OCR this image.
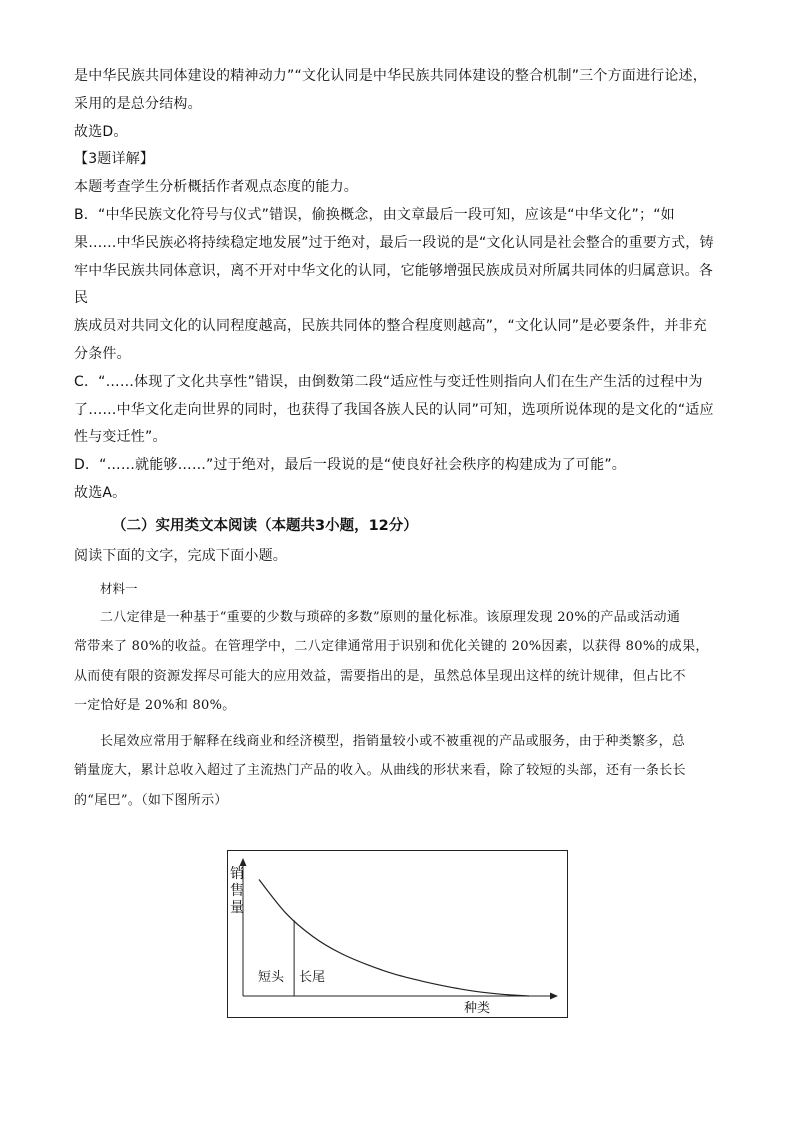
是中华民族共同体建设的精神动力”“文化认同是中华民族共同体建设的整合机制”三个方面进行论述，

采用的是总分结构。

故选D。

【3题详解】

本题考查学生分析概括作者观点态度的能力。

B．“中华民族文化符号与仪式”错误，偷换概念，由文章最后一段可知，应该是“中华文化”；“如

果……中华民族必将持续稳定地发展”过于绝对，最后一段说的是“文化认同是社会整合的重要方式，铸

牢中华民族共同体意识，离不开对中华文化的认同，它能够增强民族成员对所属共同体的归属意识。各民

族成员对共同文化的认同程度越高，民族共同体的整合程度则越高”，“文化认同”是必要条件，并非充

分条件。

C．“……体现了文化共享性”错误，由倒数第二段“适应性与变迁性则指向人们在生产生活的过程中为

了……中华文化走向世界的同时，也获得了我国各族人民的认同”可知，选项所说体现的是文化的“适应

性与变迁性”。

D．“……就能够……”过于绝对，最后一段说的是“使良好社会秩序的构建成为了可能”。

故选A。

（二）实用类文本阅读（本题共3小题，12分）

阅读下面的文字，完成下面小题。

材料一

二八定律是一种基于“重要的少数与琐碎的多数”原则的量化标准。该原理发现 20%的产品或活动通

常带来了 80%的收益。在管理学中，二八定律通常用于识别和优化关键的 20%因素，以获得 80%的成果，

从而使有限的资源发挥尽可能大的应用效益，需要指出的是，虽然总体呈现出这样的统计规律，但占比不

一定恰好是 20%和 80%。

长尾效应常用于解释在线商业和经济模型，指销量较小或不被重视的产品或服务，由于种类繁多，总

销量庞大，累计总收入超过了主流热门产品的收入。从曲线的形状来看，除了较短的头部，还有一条长长

的“尾巴”。（如下图所示）

销
售
量
种类
短头 长尾
